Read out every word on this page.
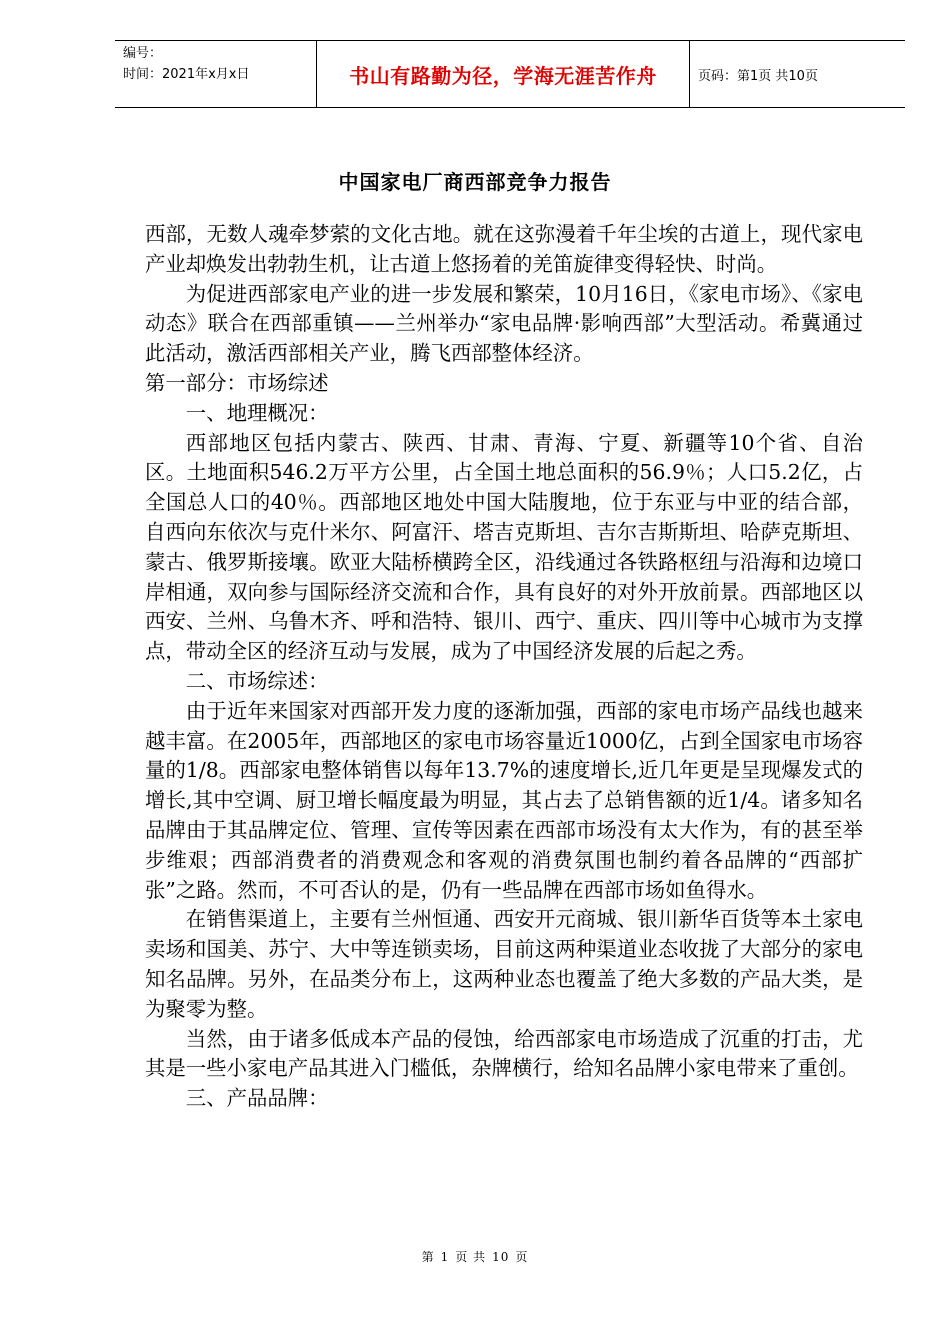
编号：
时间：2021年x月x日	书山有路勤为径，学海无涯苦作舟	页码：第1页 共10页
中国家电厂商西部竞争力报告

西部，无数人魂牵梦萦的文化古地。就在这弥漫着千年尘埃的古道上，现代家电产业却焕发出勃勃生机，让古道上悠扬着的羌笛旋律变得轻快、时尚。

为促进西部家电产业的进一步发展和繁荣，10月16日，《家电市场》、《家电动态》联合在西部重镇——兰州举办“家电品牌·影响西部”大型活动。希冀通过此活动，激活西部相关产业，腾飞西部整体经济。

第一部分：市场综述

一、地理概况：

西部地区包括内蒙古、陕西、甘肃、青海、宁夏、新疆等10个省、自治区。土地面积546.2万平方公里，占全国土地总面积的56.9％；人口5.2亿，占全国总人口的40％。西部地区地处中国大陆腹地，位于东亚与中亚的结合部，自西向东依次与克什米尔、阿富汗、塔吉克斯坦、吉尔吉斯斯坦、哈萨克斯坦、蒙古、俄罗斯接壤。欧亚大陆桥横跨全区，沿线通过各铁路枢纽与沿海和边境口岸相通，双向参与国际经济交流和合作，具有良好的对外开放前景。西部地区以西安、兰州、乌鲁木齐、呼和浩特、银川、西宁、重庆、四川等中心城市为支撑点，带动全区的经济互动与发展，成为了中国经济发展的后起之秀。

二、市场综述：

由于近年来国家对西部开发力度的逐渐加强，西部的家电市场产品线也越来越丰富。在2005年，西部地区的家电市场容量近1000亿，占到全国家电市场容量的1/8。西部家电整体销售以每年13.7%的速度增长,近几年更是呈现爆发式的增长,其中空调、厨卫增长幅度最为明显，其占去了总销售额的近1/4。诸多知名品牌由于其品牌定位、管理、宣传等因素在西部市场没有太大作为，有的甚至举步维艰；西部消费者的消费观念和客观的消费氛围也制约着各品牌的“西部扩张”之路。然而，不可否认的是，仍有一些品牌在西部市场如鱼得水。

在销售渠道上，主要有兰州恒通、西安开元商城、银川新华百货等本土家电卖场和国美、苏宁、大中等连锁卖场，目前这两种渠道业态收拢了大部分的家电知名品牌。另外，在品类分布上，这两种业态也覆盖了绝大多数的产品大类，是为聚零为整。

当然，由于诸多低成本产品的侵蚀，给西部家电市场造成了沉重的打击，尤其是一些小家电产品其进入门槛低，杂牌横行，给知名品牌小家电带来了重创。

三、产品品牌：

第 1 页 共 10 页
